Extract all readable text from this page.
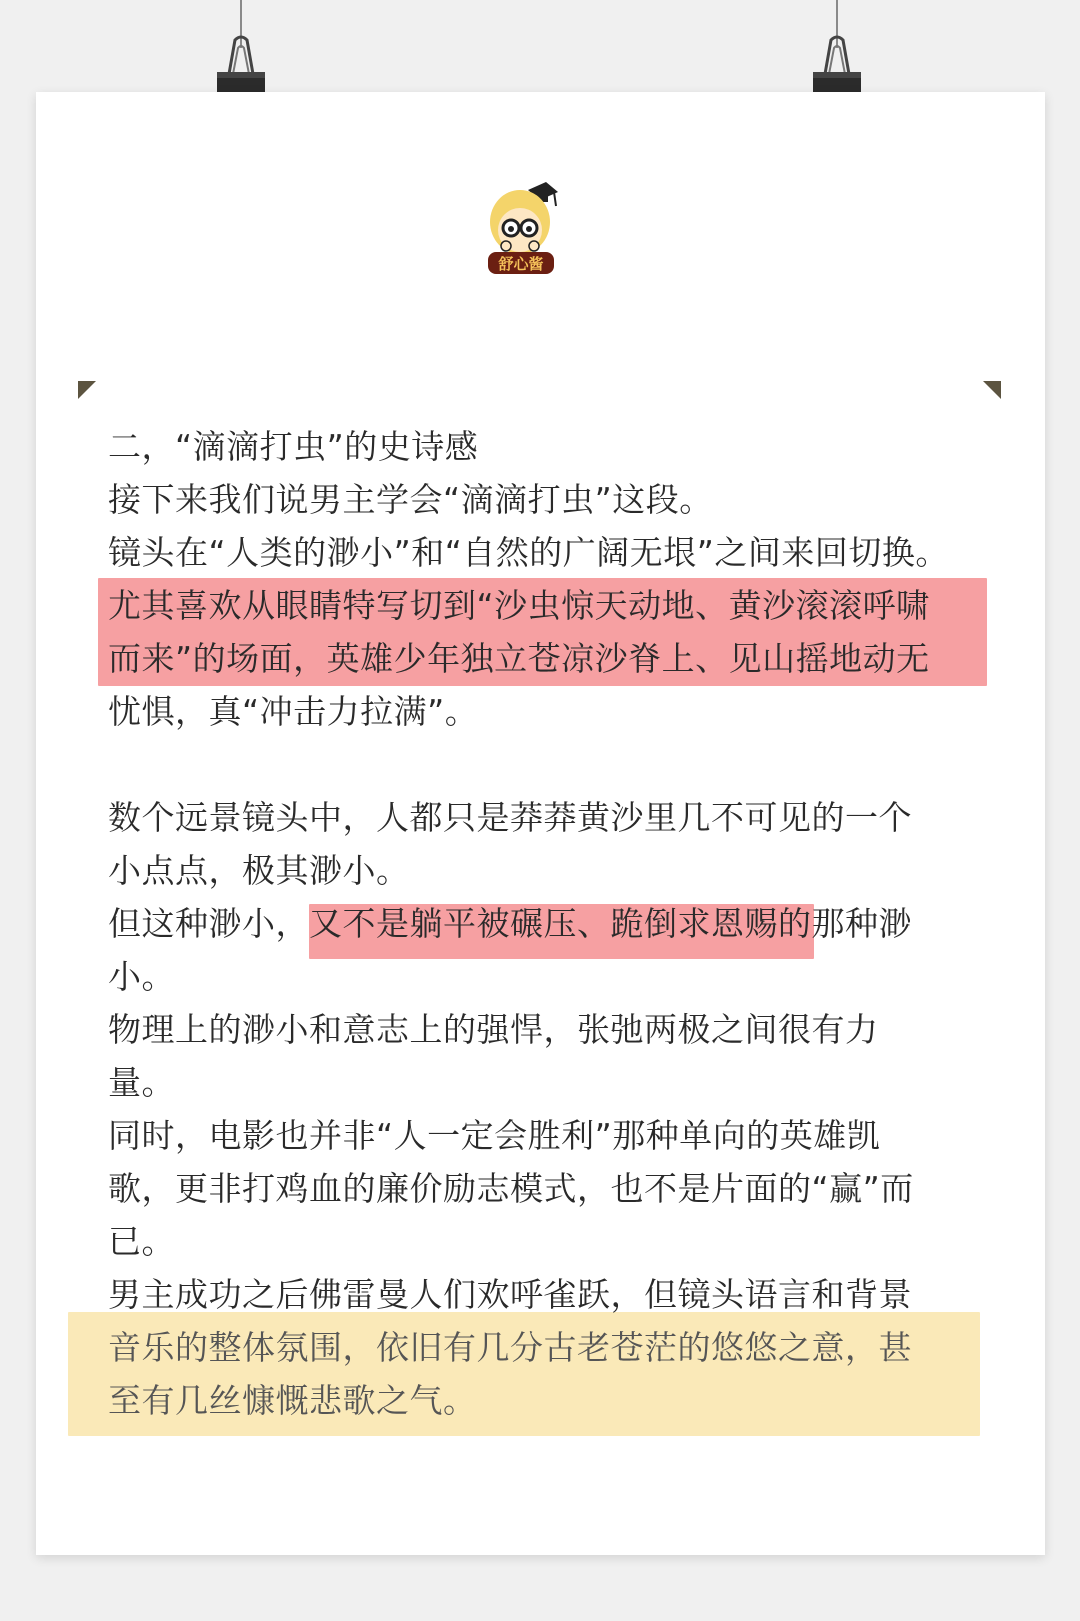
舒心酱
二，“滴滴打虫”的史诗感
接下来我们说男主学会“滴滴打虫”这段。
镜头在“人类的渺小”和“自然的广阔无垠”之间来回切换。
尤其喜欢从眼睛特写切到“沙虫惊天动地、黄沙滚滚呼啸
而来”的场面，英雄少年独立苍凉沙脊上、见山摇地动无
忧惧，真“冲击力拉满”。
数个远景镜头中，人都只是莽莽黄沙里几不可见的一个
小点点，极其渺小。
但这种渺小，又不是躺平被碾压、跪倒求恩赐的那种渺
小。
物理上的渺小和意志上的强悍，张弛两极之间很有力
量。
同时，电影也并非“人一定会胜利”那种单向的英雄凯
歌，更非打鸡血的廉价励志模式，也不是片面的“赢”而
已。
男主成功之后佛雷曼人们欢呼雀跃，但镜头语言和背景
音乐的整体氛围，依旧有几分古老苍茫的悠悠之意，甚
至有几丝慷慨悲歌之气。
